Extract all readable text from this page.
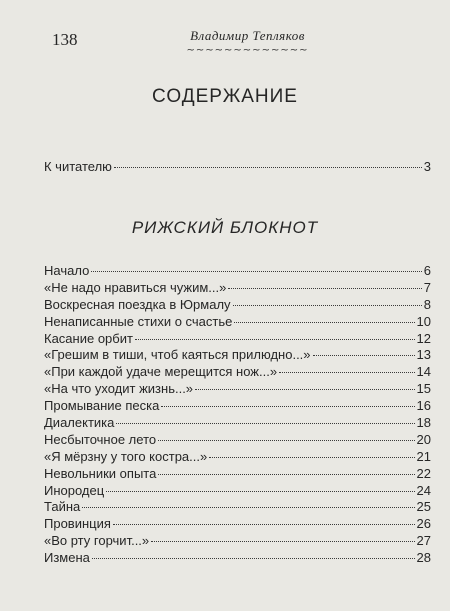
138	Владимир Тепляков
~~~~~~~~~~~~~
СОДЕРЖАНИЕ
К читателю	3
РИЖСКИЙ БЛОКНОТ
Начало	6
«Не надо нравиться чужим...»	7
Воскресная поездка в Юрмалу	8
Ненаписанные стихи о счастье	10
Касание орбит	12
«Грешим в тиши, чтоб каяться прилюдно...»	13
«При каждой удаче мерещится нож...»	14
«На что уходит жизнь...»	15
Промывание песка	16
Диалектика	18
Несбыточное лето	20
«Я мёрзну у того костра...»	21
Невольники опыта	22
Инородец	24
Тайна	25
Провинция	26
«Во рту горчит...»	27
Измена	28
